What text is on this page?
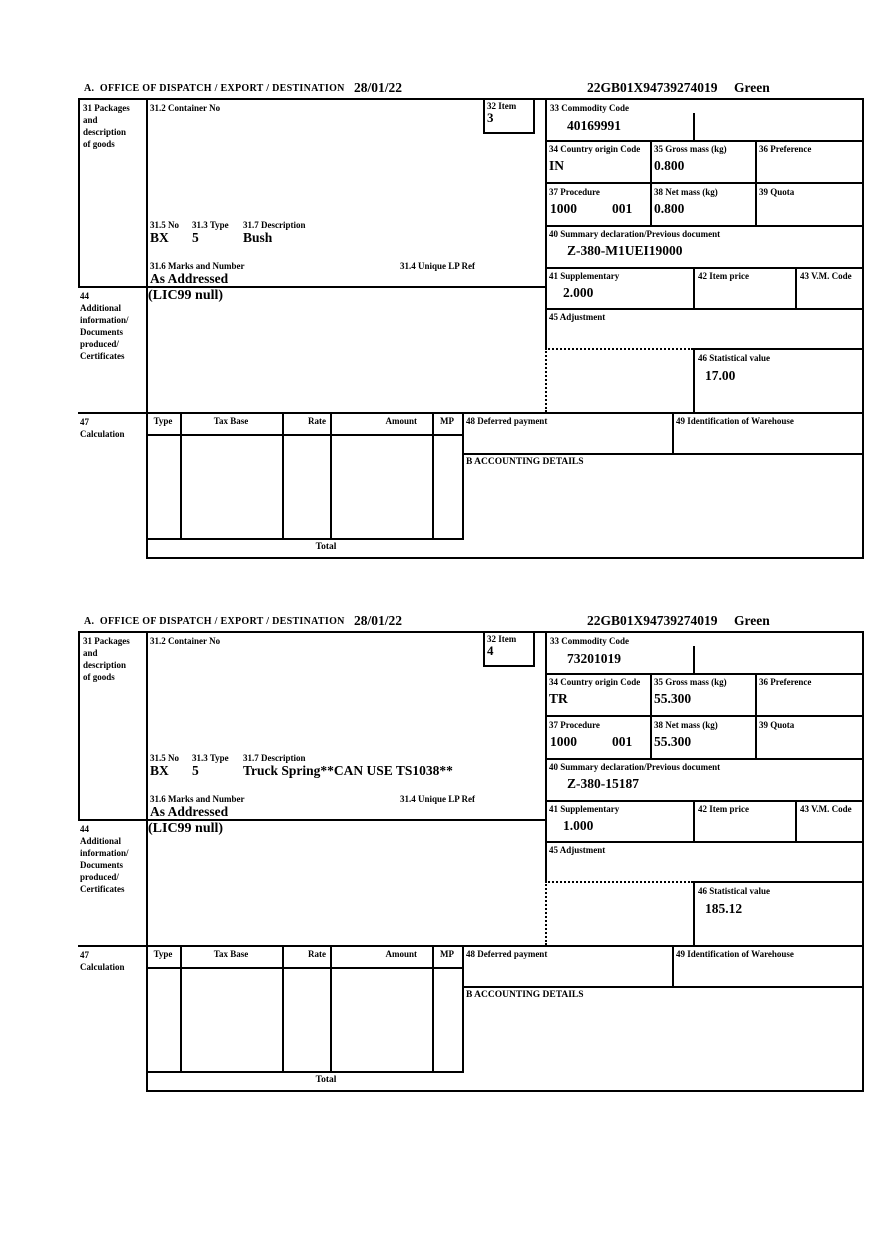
A.  OFFICE OF DISPATCH / EXPORT / DESTINATION 28/01/22	22GB01X94739274019 Green
31 Packages
and
description
of goods
31.2 Container No	32 Item
3
33 Commodity Code
40169991
34 Country origin Code
IN
35 Gross mass (kg)
0.800
36 Preference
37 Procedure
1000	001
38 Net mass (kg)
0.800
39 Quota
31.5 No 31.3 Type 31.7 Description
BX 5	Bush
31.6 Marks and Number	31.4 Unique LP Ref
As Addressed
40 Summary declaration/Previous document
Z-380-M1UEI19000
41 Supplementary
2.000
42 Item price	43 V.M. Code
44
Additional
information/
Documents
produced/
Certificates
(LIC99 null)
45 Adjustment
46 Statistical value
17.00
47
Calculation
Type	Tax Base	Rate	Amount	MP	48 Deferred payment	49 Identification of Warehouse
B ACCOUNTING DETAILS
Total
A.  OFFICE OF DISPATCH / EXPORT / DESTINATION 28/01/22	22GB01X94739274019 Green
31 Packages
and
description
of goods
31.2 Container No	32 Item
4
33 Commodity Code
73201019
34 Country origin Code
TR
35 Gross mass (kg)
55.300
36 Preference
37 Procedure
1000	001
38 Net mass (kg)
55.300
39 Quota
31.5 No 31.3 Type 31.7 Description
BX 5	Truck Spring**CAN USE TS1038**
31.6 Marks and Number	31.4 Unique LP Ref
As Addressed
40 Summary declaration/Previous document
Z-380-15187
41 Supplementary
1.000
42 Item price	43 V.M. Code
44
Additional
information/
Documents
produced/
Certificates
(LIC99 null)
45 Adjustment
46 Statistical value
185.12
47
Calculation
Type	Tax Base	Rate	Amount	MP	48 Deferred payment	49 Identification of Warehouse
B ACCOUNTING DETAILS
Total
